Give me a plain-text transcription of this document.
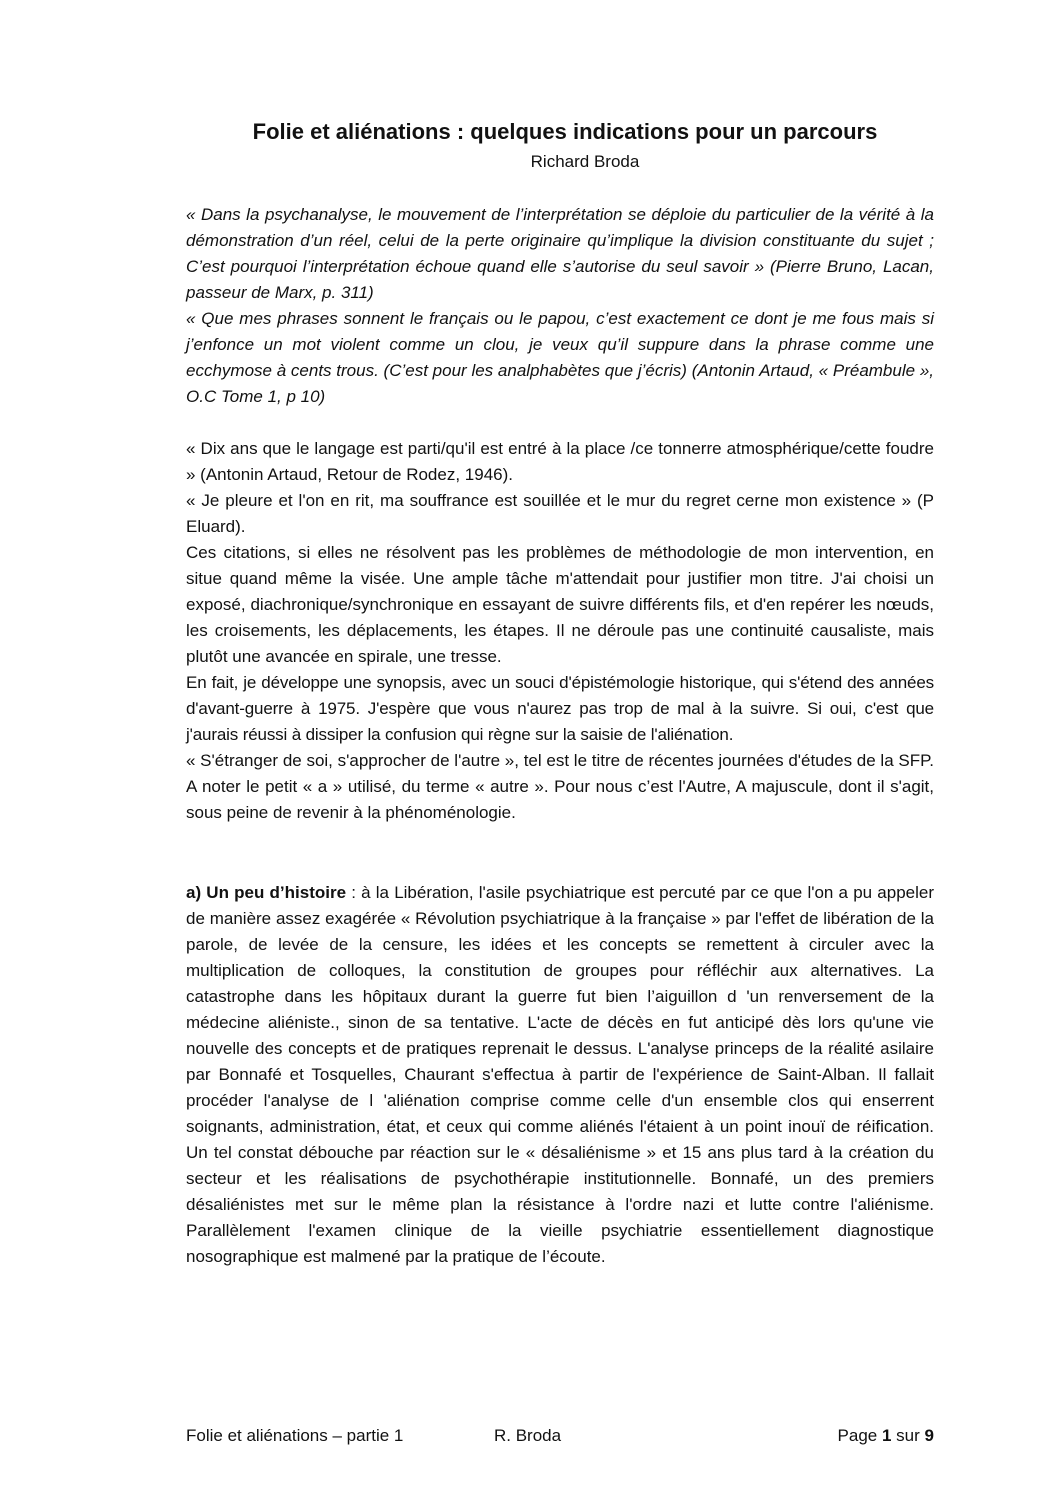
Folie et aliénations : quelques indications pour un parcours
Richard Broda

« Dans la psychanalyse, le mouvement de l’interprétation se déploie du particulier de la vérité à la démonstration d’un réel, celui de la perte originaire qu’implique la division constituante du sujet ; C’est pourquoi l’interprétation échoue quand elle s’autorise du seul savoir » (Pierre Bruno, Lacan, passeur de Marx, p. 311)

« Que mes phrases sonnent le français ou le papou, c’est exactement ce dont je me fous mais si j’enfonce un mot violent comme un clou, je veux qu’il suppure dans la phrase comme une ecchymose à cents trous. (C’est pour les analphabètes que j’écris) (Antonin Artaud, « Préambule », O.C Tome 1, p 10)

« Dix ans que le langage est parti/qu'il est entré à la place /ce tonnerre atmosphérique/cette foudre » (Antonin Artaud, Retour de Rodez, 1946).

« Je pleure et l'on en rit, ma souffrance est souillée et le mur du regret cerne mon existence » (P Eluard).

Ces citations, si elles ne résolvent pas les problèmes de méthodologie de mon intervention, en situe quand même la visée. Une ample tâche m'attendait pour justifier mon titre. J'ai choisi un exposé, diachronique/synchronique en essayant de suivre différents fils, et d'en repérer les nœuds, les croisements, les déplacements, les étapes. Il ne déroule pas une continuité causaliste, mais plutôt une avancée en spirale, une tresse.

En fait, je développe une synopsis, avec un souci d'épistémologie historique, qui s'étend des années d'avant-guerre à 1975. J'espère que vous n'aurez pas trop de mal à la suivre. Si oui, c'est que j'aurais réussi à dissiper la confusion qui règne sur la saisie de l'aliénation.

« S'étranger de soi, s'approcher de l'autre », tel est le titre de récentes journées d'études de la SFP. A noter le petit « a » utilisé, du terme « autre ». Pour nous c’est l'Autre, A majuscule, dont il s'agit, sous peine de revenir à la phénoménologie.

a) Un peu d’histoire : à la Libération, l'asile psychiatrique est percuté par ce que l'on a pu appeler de manière assez exagérée « Révolution psychiatrique à la française » par l'effet de libération de la parole, de levée de la censure, les idées et les concepts se remettent à circuler avec la multiplication de colloques, la constitution de groupes pour réfléchir aux alternatives. La catastrophe dans les hôpitaux durant la guerre fut bien l’aiguillon d 'un renversement de la médecine aliéniste., sinon de sa tentative. L'acte de décès en fut anticipé dès lors qu'une vie nouvelle des concepts et de pratiques reprenait le dessus. L'analyse princeps de la réalité asilaire par Bonnafé et Tosquelles, Chaurant s'effectua à partir de l'expérience de Saint-Alban. Il fallait procéder l'analyse de l 'aliénation comprise comme celle d'un ensemble clos qui enserrent soignants, administration, état, et ceux qui comme aliénés l'étaient à un point inouï de réification. Un tel constat débouche par réaction sur le « désaliénisme » et 15 ans plus tard à la création du secteur et les réalisations de psychothérapie institutionnelle. Bonnafé, un des premiers désaliénistes met sur le même plan la résistance à l'ordre nazi et lutte contre l'aliénisme. Parallèlement l'examen clinique de la vieille psychiatrie essentiellement diagnostique nosographique est malmené par la pratique de l’écoute.

Folie et aliénations – partie 1	R. Broda	Page 1 sur 9
